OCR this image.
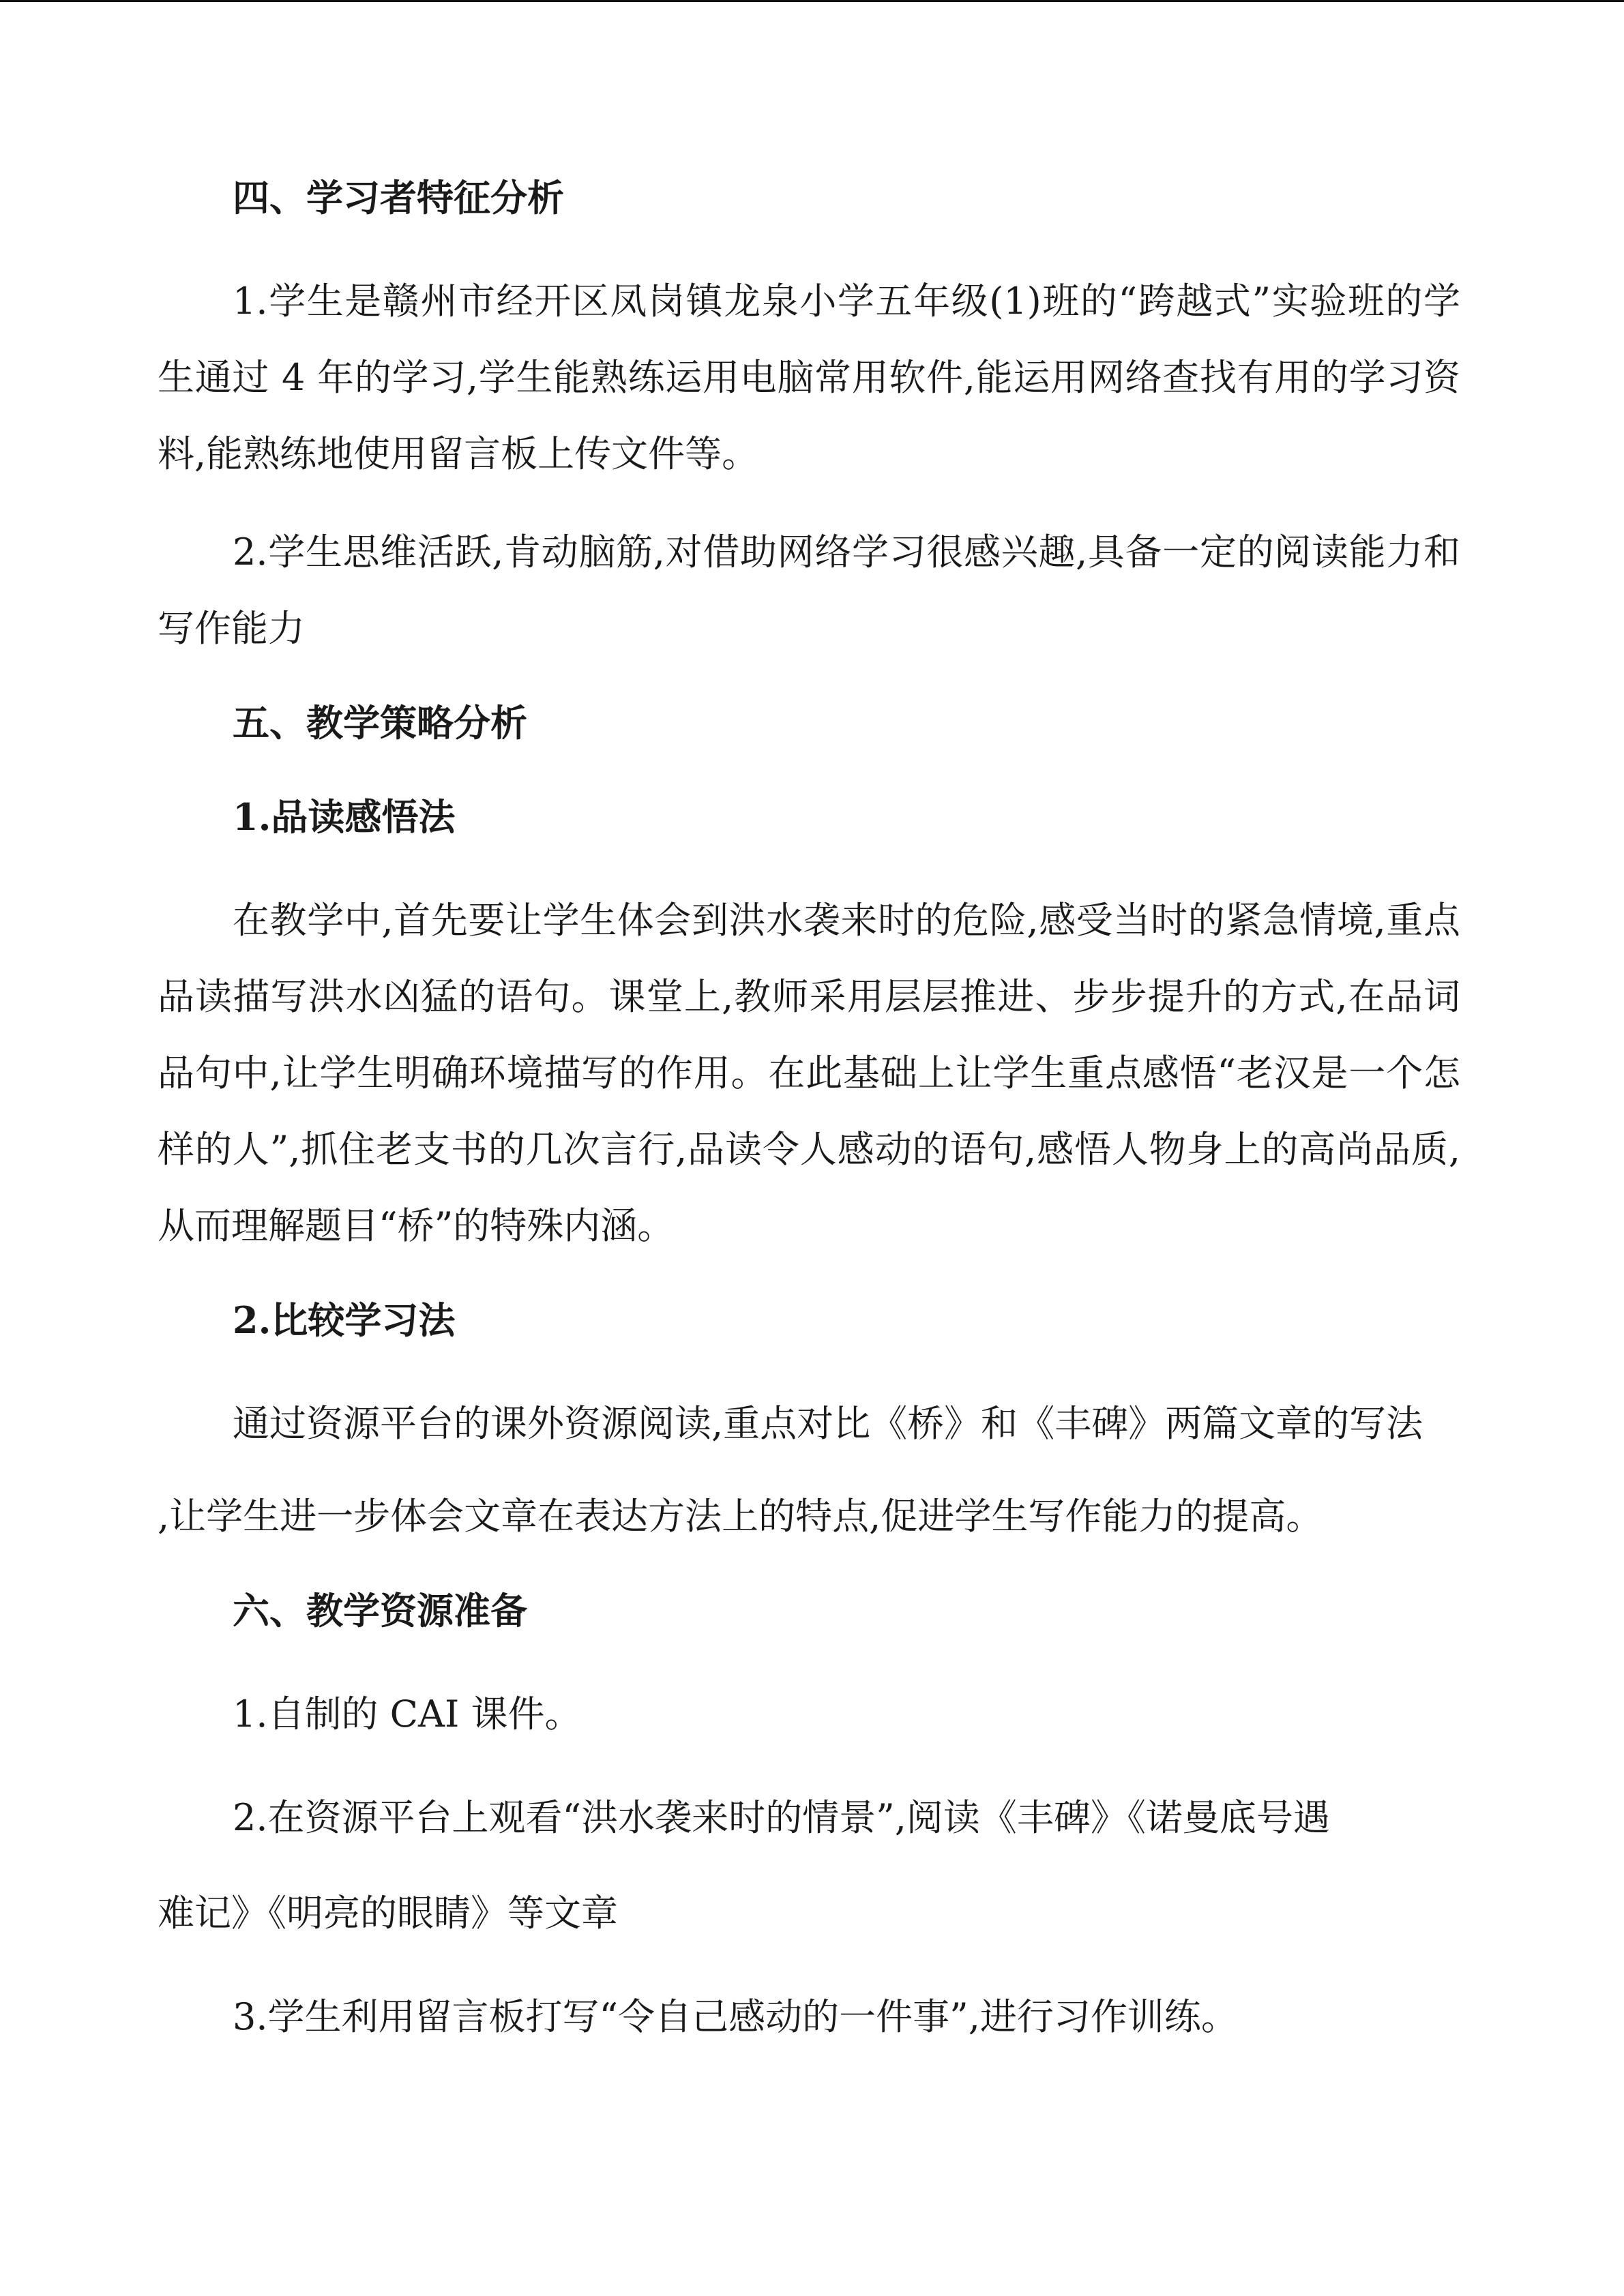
四、学习者特征分析

1.学生是赣州市经开区凤岗镇龙泉小学五年级(1)班的“跨越式”实验班的学生通过 4 年的学习,学生能熟练运用电脑常用软件,能运用网络查找有用的学习资料,能熟练地使用留言板上传文件等。

2.学生思维活跃,肯动脑筋,对借助网络学习很感兴趣,具备一定的阅读能力和写作能力

五、教学策略分析

1.品读感悟法

在教学中,首先要让学生体会到洪水袭来时的危险,感受当时的紧急情境,重点品读描写洪水凶猛的语句。课堂上,教师采用层层推进、步步提升的方式,在品词品句中,让学生明确环境描写的作用。在此基础上让学生重点感悟“老汉是一个怎样的人”,抓住老支书的几次言行,品读令人感动的语句,感悟人物身上的高尚品质,从而理解题目“桥”的特殊内涵。

2.比较学习法

通过资源平台的课外资源阅读,重点对比《桥》和《丰碑》两篇文章的写法

,让学生进一步体会文章在表达方法上的特点,促进学生写作能力的提高。

六、教学资源准备

1.自制的 CAI 课件。

2.在资源平台上观看“洪水袭来时的情景”,阅读《丰碑》《诺曼底号遇

难记》《明亮的眼睛》等文章

3.学生利用留言板打写“令自己感动的一件事”,进行习作训练。
